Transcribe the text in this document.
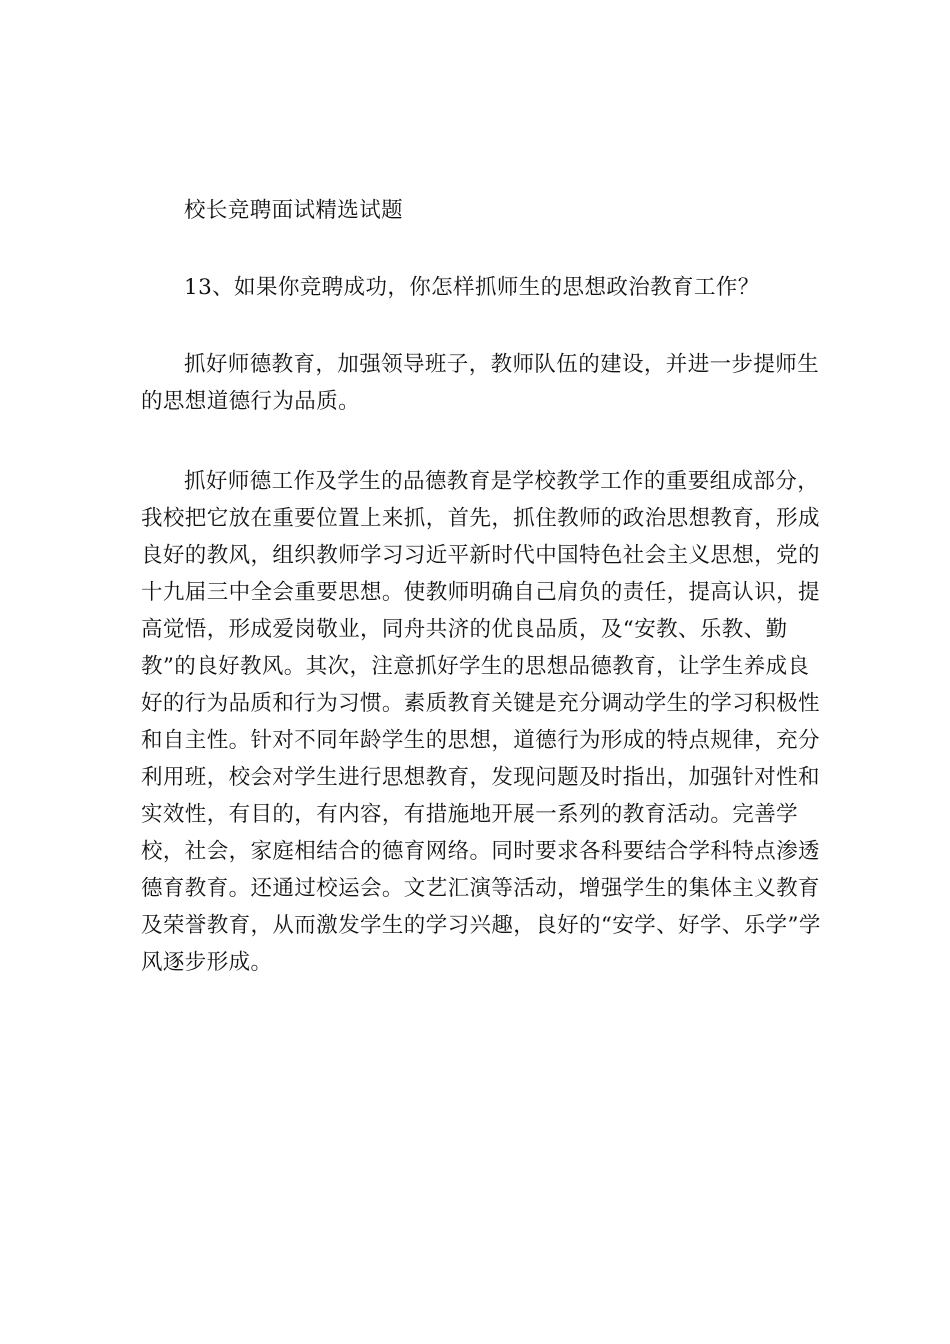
校长竞聘面试精选试题

13、如果你竞聘成功，你怎样抓师生的思想政治教育工作？

抓好师德教育，加强领导班子，教师队伍的建设，并进一步提师生的思想道德行为品质。

抓好师德工作及学生的品德教育是学校教学工作的重要组成部分，我校把它放在重要位置上来抓，首先，抓住教师的政治思想教育，形成良好的教风，组织教师学习习近平新时代中国特色社会主义思想，党的十九届三中全会重要思想。使教师明确自己肩负的责任，提高认识，提高觉悟，形成爱岗敬业，同舟共济的优良品质，及“安教、乐教、勤教”的良好教风。其次，注意抓好学生的思想品德教育，让学生养成良好的行为品质和行为习惯。素质教育关键是充分调动学生的学习积极性和自主性。针对不同年龄学生的思想，道德行为形成的特点规律，充分利用班，校会对学生进行思想教育，发现问题及时指出，加强针对性和实效性，有目的，有内容，有措施地开展一系列的教育活动。完善学校，社会，家庭相结合的德育网络。同时要求各科要结合学科特点渗透德育教育。还通过校运会。文艺汇演等活动，增强学生的集体主义教育及荣誉教育，从而激发学生的学习兴趣，良好的“安学、好学、乐学”学风逐步形成。
